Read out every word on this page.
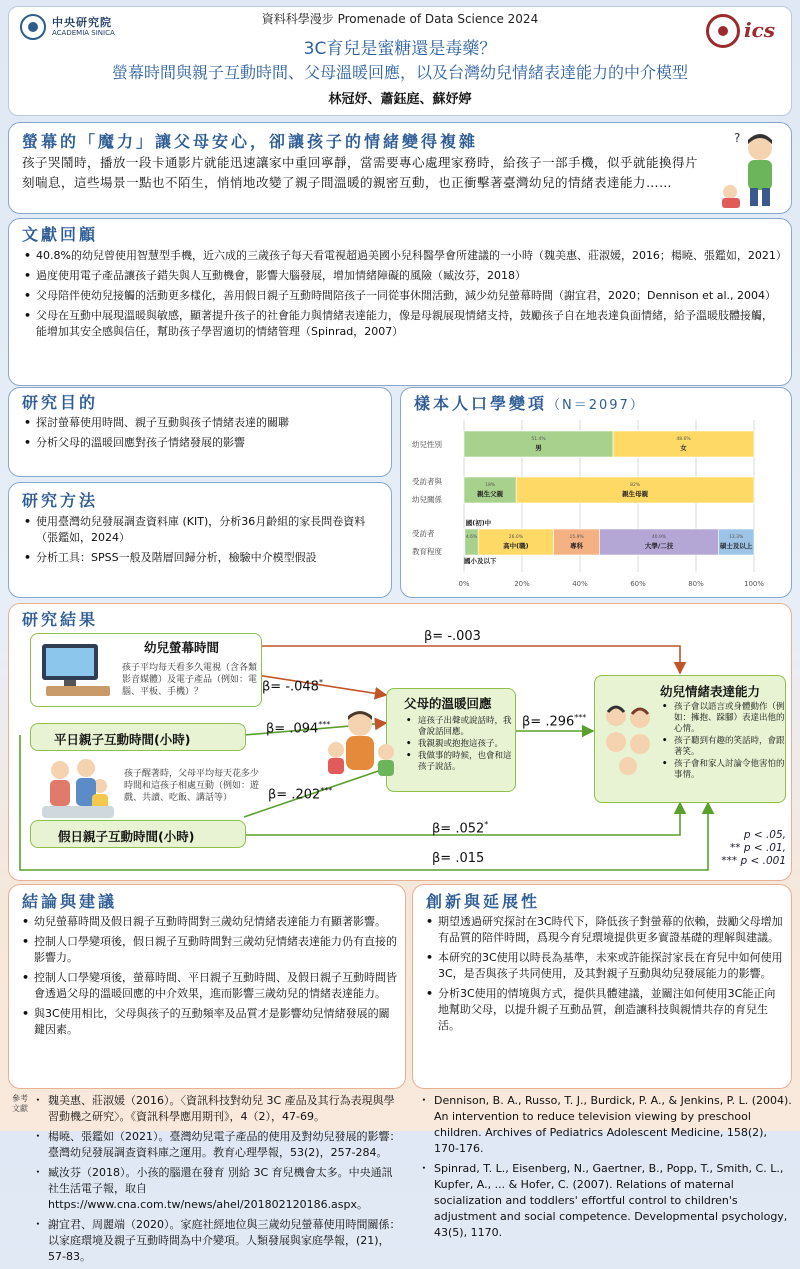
中央研究院
ACADEMIA SINICA	ics
資料科學漫步 Promenade of Data Science 2024
3C育兒是蜜糖還是毒藥？
螢幕時間與親子互動時間、父母溫暖回應，以及台灣幼兒情緒表達能力的中介模型
林冠妤、蕭鈺庭、蘇妤婷
螢幕的「魔力」讓父母安心，卻讓孩子的情緒變得複雜
孩子哭鬧時，播放一段卡通影片就能迅速讓家中重回寧靜，當需要專心處理家務時，給孩子一部手機，似乎就能換得片刻喘息，這些場景一點也不陌生，悄悄地改變了親子間溫暖的親密互動，也正衝擊著臺灣幼兒的情緒表達能力……
?
文獻回顧
• 40.8%的幼兒曾使用智慧型手機，近六成的三歲孩子每天看電視超過美國小兒科醫學會所建議的一小時（魏美惠、莊淑媛，2016；楊曉、張鑑如，2021）
• 過度使用電子產品讓孩子錯失與人互動機會，影響大腦發展，增加情緒障礙的風險（臧汝芬，2018）
• 父母陪伴使幼兒接觸的活動更多樣化，善用假日親子互動時間陪孩子一同從事休閒活動，減少幼兒螢幕時間（謝宜君，2020；Dennison et al., 2004）
• 父母在互動中展現溫暖與敏感，顯著提升孩子的社會能力與情緒表達能力，像是母親展現情緒支持，鼓勵孩子自在地表達負面情緒，給予溫暖肢體接觸，能增加其安全感與信任，幫助孩子學習適切的情緒管理（Spinrad，2007）
研究目的
• 探討螢幕使用時間、親子互動與孩子情緒表達的關聯
• 分析父母的溫暖回應對孩子情緒發展的影響
研究方法
• 使用臺灣幼兒發展調查資料庫 (KIT)，分析36月齡組的家長問卷資料（張鑑如，2024）
• 分析工具：SPSS一般及階層回歸分析，檢驗中介模型假設
樣本人口學變項（N＝2097）
0%	20%	40%	60%	80%	100%
幼兒性別
51.4%
男
48.6%
女
受訪者與
幼兒關係
18%
親生父親
82%
親生母親
受訪者
教育程度
4.6%	26.0%
高中(職)
15.9%
專科
40.9%
大學/二技
12.3%
碩士及以上
國(初)中
國小及以下
研究結果
幼兒螢幕時間
孩子平均每天看多久電視（含各類影音媒體）及電子產品（例如：電腦、平板、手機）？
平日親子互動時間(小時)
孩子醒著時，父母平均每天花多少時間和這孩子相處互動（例如：遊戲、共讀、吃飯、講話等）
假日親子互動時間(小時)
父母的溫暖回應
• 這孩子出聲或說話時，我會說話回應。
• 我親親或抱抱這孩子。
• 我做事的時候，也會和這孩子說話。
幼兒情緒表達能力
• 孩子會以語言或身體動作（例如：擁抱、跺腳）表達出他的心情。
• 孩子聽到有趣的笑話時，會跟著笑。
• 孩子會和家人討論令他害怕的事情。
β= -.003
β= -.048*
β= .094***
β= .202***
β= .296***
β= .052*
β= .015
p < .05,
** p < .01,
*** p < .001
結論與建議
• 幼兒螢幕時間及假日親子互動時間對三歲幼兒情緒表達能力有顯著影響。
• 控制人口學變項後，假日親子互動時間對三歲幼兒情緒表達能力仍有直接的影響力。
• 控制人口學變項後，螢幕時間、平日親子互動時間、及假日親子互動時間皆會透過父母的溫暖回應的中介效果，進而影響三歲幼兒的情緒表達能力。
• 與3C使用相比，父母與孩子的互動頻率及品質才是影響幼兒情緒發展的關鍵因素。
創新與延展性
• 期望透過研究探討在3C時代下，降低孩子對螢幕的依賴，鼓勵父母增加有品質的陪伴時間，爲現今育兒環境提供更多實證基礎的理解與建議。
• 本研究的3C使用以時長為基準，未來或許能探討家長在育兒中如何使用3C，是否與孩子共同使用，及其對親子互動與幼兒發展能力的影響。
• 分析3C使用的情境與方式，提供具體建議，並關注如何使用3C能正向地幫助父母，以提升親子互動品質，創造讓科技與親情共存的育兒生活。
參考文獻
• 魏美惠、莊淑媛（2016）。〈資訊科技對幼兒 3C 產品及其行為表現與學習動機之研究〉。《資訊科學應用期刊》，4（2），47-69。
• 楊曉、張鑑如（2021）。臺灣幼兒電子產品的使用及對幼兒發展的影響：臺灣幼兒發展調查資料庫之運用。教育心理學報，53(2)，257-284。
• 臧汝芬（2018）。小孩的腦還在發育 別給 3C 育兒機會太多。中央通訊社生活電子報，取自 https://www.cna.com.tw/news/ahel/201802120186.aspx。
• 謝宜君、周麗端（2020）。家庭社經地位與三歲幼兒螢幕使用時間關係：以家庭環境及親子互動時間為中介變項。人類發展與家庭學報，(21)，57-83。
• Dennison, B. A., Russo, T. J., Burdick, P. A., & Jenkins, P. L. (2004). An intervention to reduce television viewing by preschool children. Archives of Pediatrics Adolescent Medicine, 158(2), 170-176.
• Spinrad, T. L., Eisenberg, N., Gaertner, B., Popp, T., Smith, C. L., Kupfer, A., ... & Hofer, C. (2007). Relations of maternal socialization and toddlers' effortful control to children's adjustment and social competence. Developmental psychology, 43(5), 1170.
